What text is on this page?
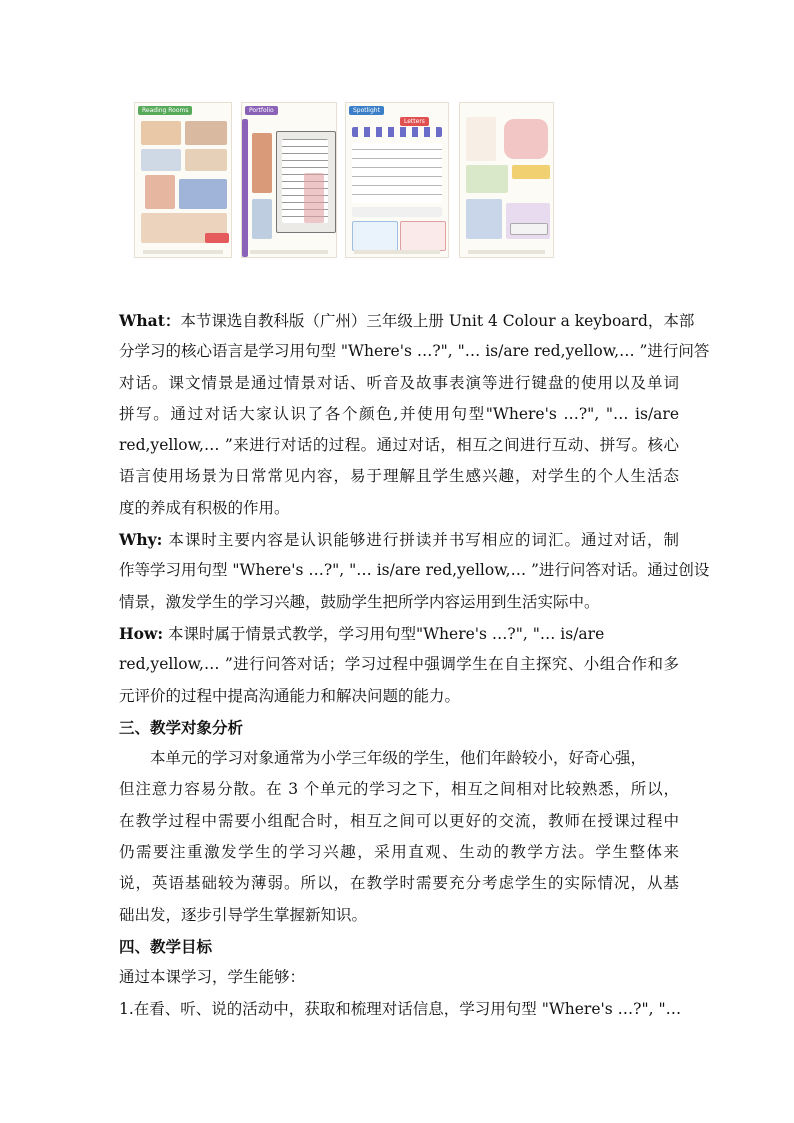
Reading Rooms	Portfolio	Spotlight
Letters
What：本节课选自教科版（广州）三年级上册 Unit 4 Colour a keyboard，本部
分学习的核心语言是学习用句型 "Where's …?", "… is/are red,yellow,… ”进行问答
对话。课文情景是通过情景对话、听音及故事表演等进行键盘的使用以及单词
拼写。通过对话大家认识了各个颜色,并使用句型"Where's …?", "… is/are
red,yellow,… ”来进行对话的过程。通过对话，相互之间进行互动、拼写。核心
语言使用场景为日常常见内容，易于理解且学生感兴趣，对学生的个人生活态
度的养成有积极的作用。
Why: 本课时主要内容是认识能够进行拼读并书写相应的词汇。通过对话，制
作等学习用句型 "Where's …?", "… is/are red,yellow,… ”进行问答对话。通过创设
情景，激发学生的学习兴趣，鼓励学生把所学内容运用到生活实际中。
How: 本课时属于情景式教学，学习用句型"Where's …?", "… is/are
red,yellow,… ”进行问答对话；学习过程中强调学生在自主探究、小组合作和多
元评价的过程中提高沟通能力和解决问题的能力。
三、教学对象分析
本单元的学习对象通常为小学三年级的学生，他们年龄较小，好奇心强，
但注意力容易分散。在 3 个单元的学习之下，相互之间相对比较熟悉，所以，
在教学过程中需要小组配合时，相互之间可以更好的交流，教师在授课过程中
仍需要注重激发学生的学习兴趣，采用直观、生动的教学方法。学生整体来
说，英语基础较为薄弱。所以，在教学时需要充分考虑学生的实际情况，从基
础出发，逐步引导学生掌握新知识。
四、教学目标
通过本课学习，学生能够：
1.在看、听、说的活动中，获取和梳理对话信息，学习用句型 "Where's …?", "…
